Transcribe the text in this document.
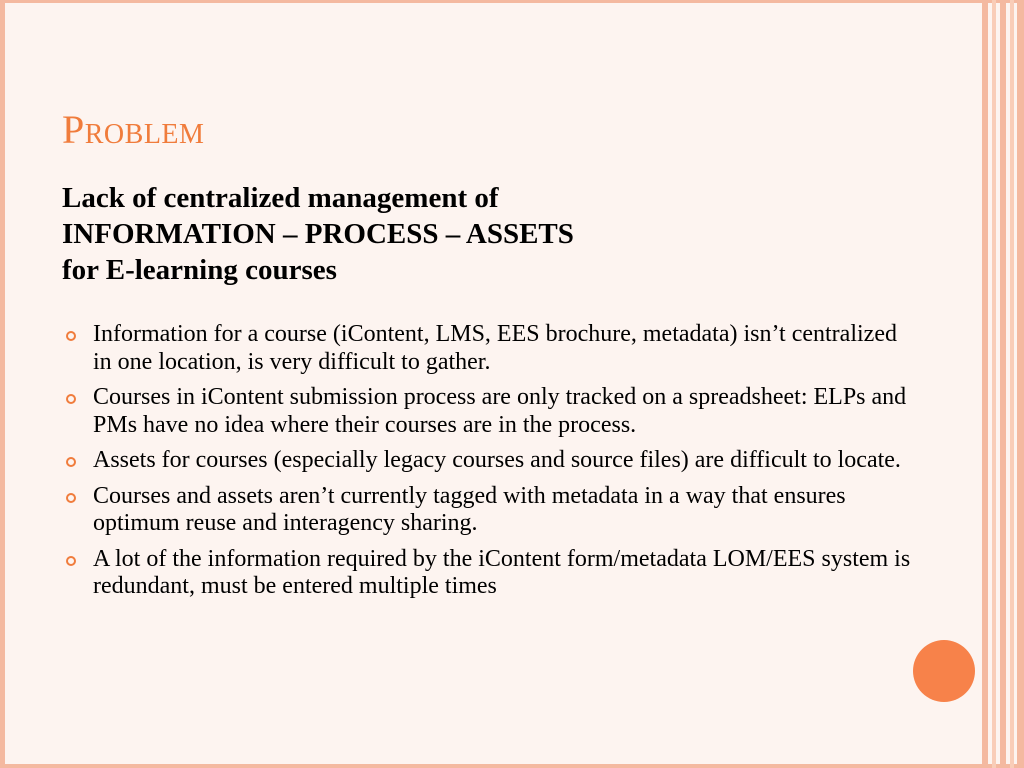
Problem
Lack of centralized management of
INFORMATION – PROCESS – ASSETS
for E-learning courses
Information for a course (iContent, LMS, EES brochure, metadata) isn’t centralized in one location, is very difficult to gather.
Courses in iContent submission process are only tracked on a spreadsheet: ELPs and PMs have no idea where their courses are in the process.
Assets for courses (especially legacy courses and source files) are difficult to locate.
Courses and assets aren’t currently tagged with metadata in a way that ensures optimum reuse and interagency sharing.
A lot of the information required by the iContent form/metadata LOM/EES system is redundant, must be entered multiple times
